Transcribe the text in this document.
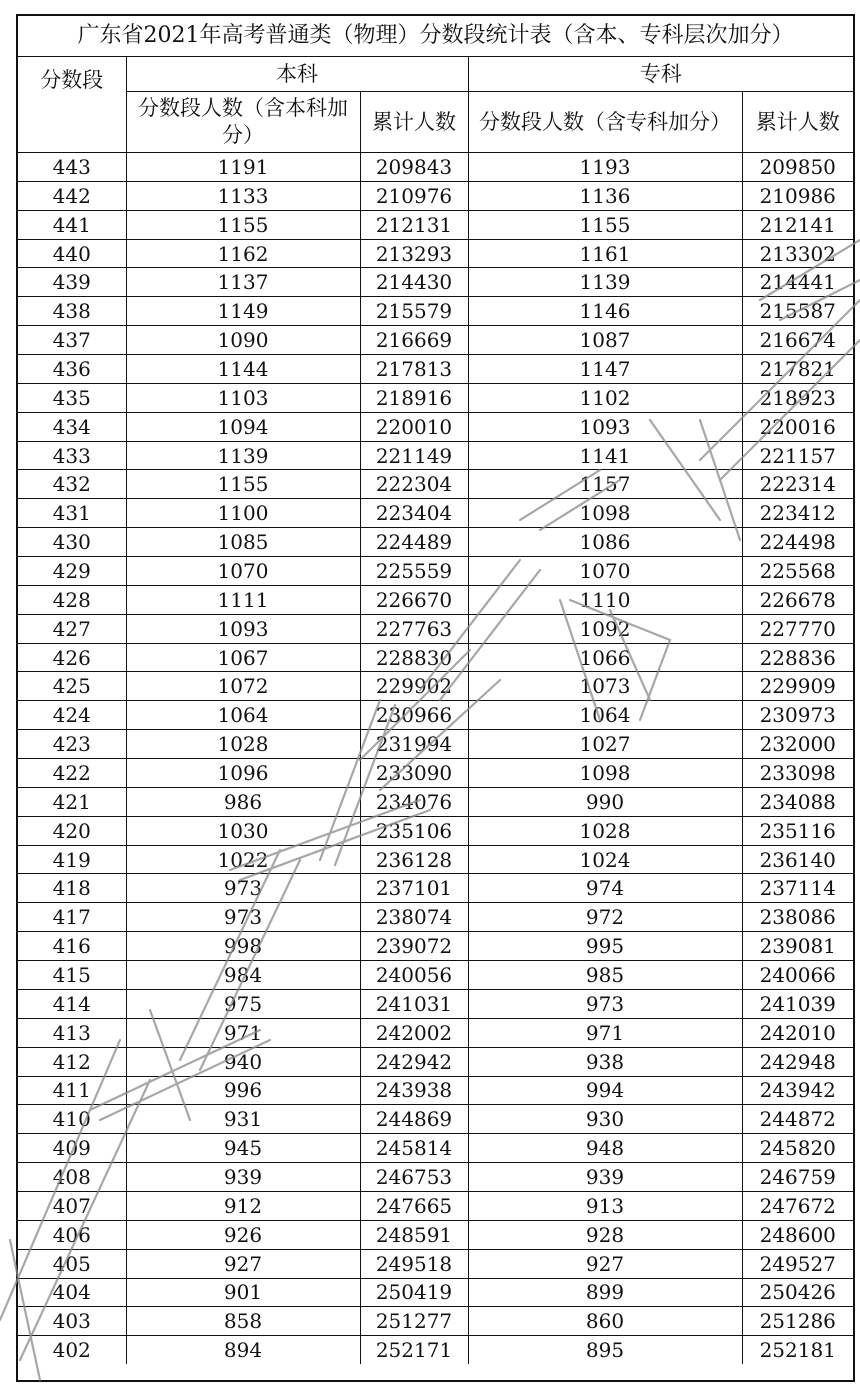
广东省2021年高考普通类（物理）分数段统计表（含本、专科层次加分）
分数段	本科		专科	
	分数段人数（含本科加分）	累计人数	分数段人数（含专科加分）	累计人数
443	1191	209843	1193	209850
442	1133	210976	1136	210986
441	1155	212131	1155	212141
440	1162	213293	1161	213302
439	1137	214430	1139	214441
438	1149	215579	1146	215587
437	1090	216669	1087	216674
436	1144	217813	1147	217821
435	1103	218916	1102	218923
434	1094	220010	1093	220016
433	1139	221149	1141	221157
432	1155	222304	1157	222314
431	1100	223404	1098	223412
430	1085	224489	1086	224498
429	1070	225559	1070	225568
428	1111	226670	1110	226678
427	1093	227763	1092	227770
426	1067	228830	1066	228836
425	1072	229902	1073	229909
424	1064	230966	1064	230973
423	1028	231994	1027	232000
422	1096	233090	1098	233098
421	986	234076	990	234088
420	1030	235106	1028	235116
419	1022	236128	1024	236140
418	973	237101	974	237114
417	973	238074	972	238086
416	998	239072	995	239081
415	984	240056	985	240066
414	975	241031	973	241039
413	971	242002	971	242010
412	940	242942	938	242948
411	996	243938	994	243942
410	931	244869	930	244872
409	945	245814	948	245820
408	939	246753	939	246759
407	912	247665	913	247672
406	926	248591	928	248600
405	927	249518	927	249527
404	901	250419	899	250426
403	858	251277	860	251286
402	894	252171	895	252181
